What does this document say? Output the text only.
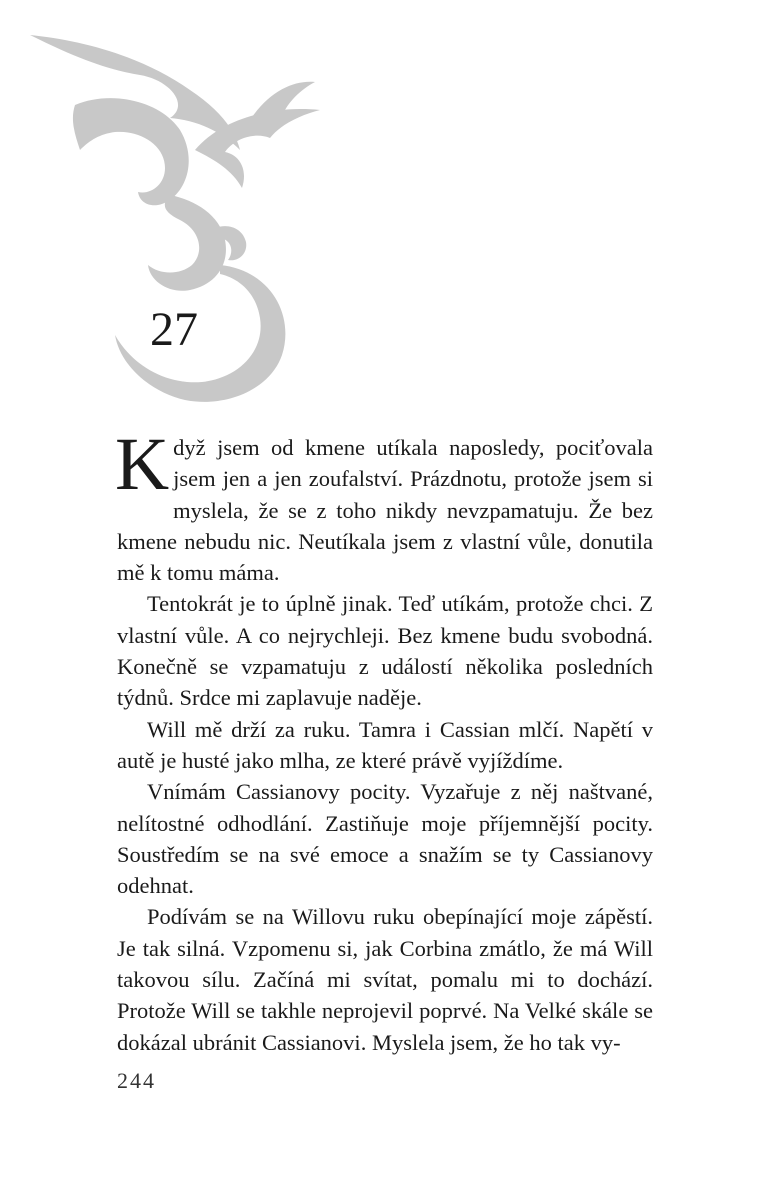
27

Když jsem od kmene utíkala naposledy, pociťovala jsem jen a jen zoufalství. Prázdnotu, protože jsem si myslela, že se z toho nikdy nevzpamatuju. Že bez kmene nebudu nic. Neutíkala jsem z vlastní vůle, donutila mě k tomu máma.

Tentokrát je to úplně jinak. Teď utíkám, protože chci. Z vlastní vůle. A co nejrychleji. Bez kmene budu svobodná. Konečně se vzpamatuju z událostí několika posledních týdnů. Srdce mi zaplavuje naděje.

Will mě drží za ruku. Tamra i Cassian mlčí. Napětí v autě je husté jako mlha, ze které právě vyjíždíme.

Vnímám Cassianovy pocity. Vyzařuje z něj naštvané, nelítostné odhodlání. Zastiňuje moje příjemnější pocity. Soustředím se na své emoce a snažím se ty Cassianovy odehnat.

Podívám se na Willovu ruku obepínající moje zápěstí. Je tak silná. Vzpomenu si, jak Corbina zmátlo, že má Will takovou sílu. Začíná mi svítat, pomalu mi to dochází. Protože Will se takhle neprojevil poprvé. Na Velké skále se dokázal ubránit Cassianovi. Myslela jsem, že ho tak vy-

244
